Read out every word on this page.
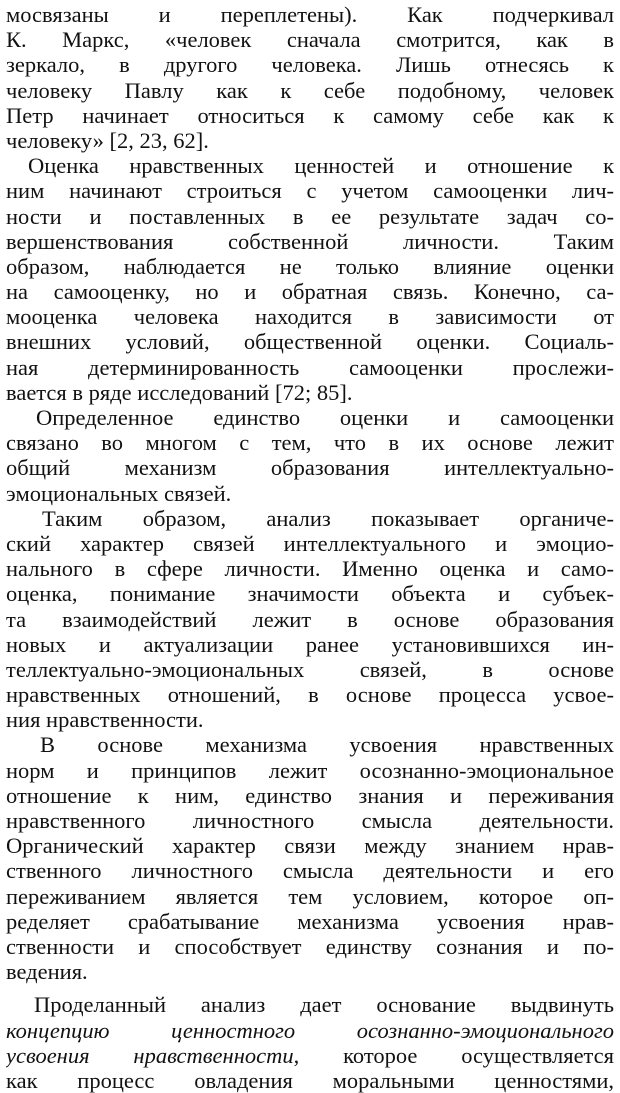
мосвязаны и переплетены). Как подчеркивал
К. Маркс, «человек сначала смотрится, как в
зеркало, в другого человека. Лишь отнесясь к
человеку Павлу как к себе подобному, человек
Петр начинает относиться к самому себе как к
человеку» [2, 23, 62].
Оценка нравственных ценностей и отношение к
ним начинают строиться с учетом самооценки лич-
ности и поставленных в ее результате задач со-
вершенствования собственной личности. Таким
образом, наблюдается не только влияние оценки
на самооценку, но и обратная связь. Конечно, са-
мооценка человека находится в зависимости от
внешних условий, общественной оценки. Социаль-
ная детерминированность самооценки прослежи-
вается в ряде исследований [72; 85].
Определенное единство оценки и самооценки
связано во многом с тем, что в их основе лежит
общий механизм образования интеллектуально-
эмоциональных связей.
Таким образом, анализ показывает органиче-
ский характер связей интеллектуального и эмоцио-
нального в сфере личности. Именно оценка и само-
оценка, понимание значимости объекта и субъек-
та взаимодействий лежит в основе образования
новых и актуализации ранее установившихся ин-
теллектуально-эмоциональных связей, в основе
нравственных отношений, в основе процесса усвое-
ния нравственности.
В основе механизма усвоения нравственных
норм и принципов лежит осознанно-эмоциональное
отношение к ним, единство знания и переживания
нравственного личностного смысла деятельности.
Органический характер связи между знанием нрав-
ственного личностного смысла деятельности и его
переживанием является тем условием, которое оп-
ределяет срабатывание механизма усвоения нрав-
ственности и способствует единству сознания и по-
ведения.
Проделанный анализ дает основание выдвинуть
концепцию ценностного осознанно-эмоционального
усвоения нравственности, которое осуществляется
как процесс овладения моральными ценностями,
